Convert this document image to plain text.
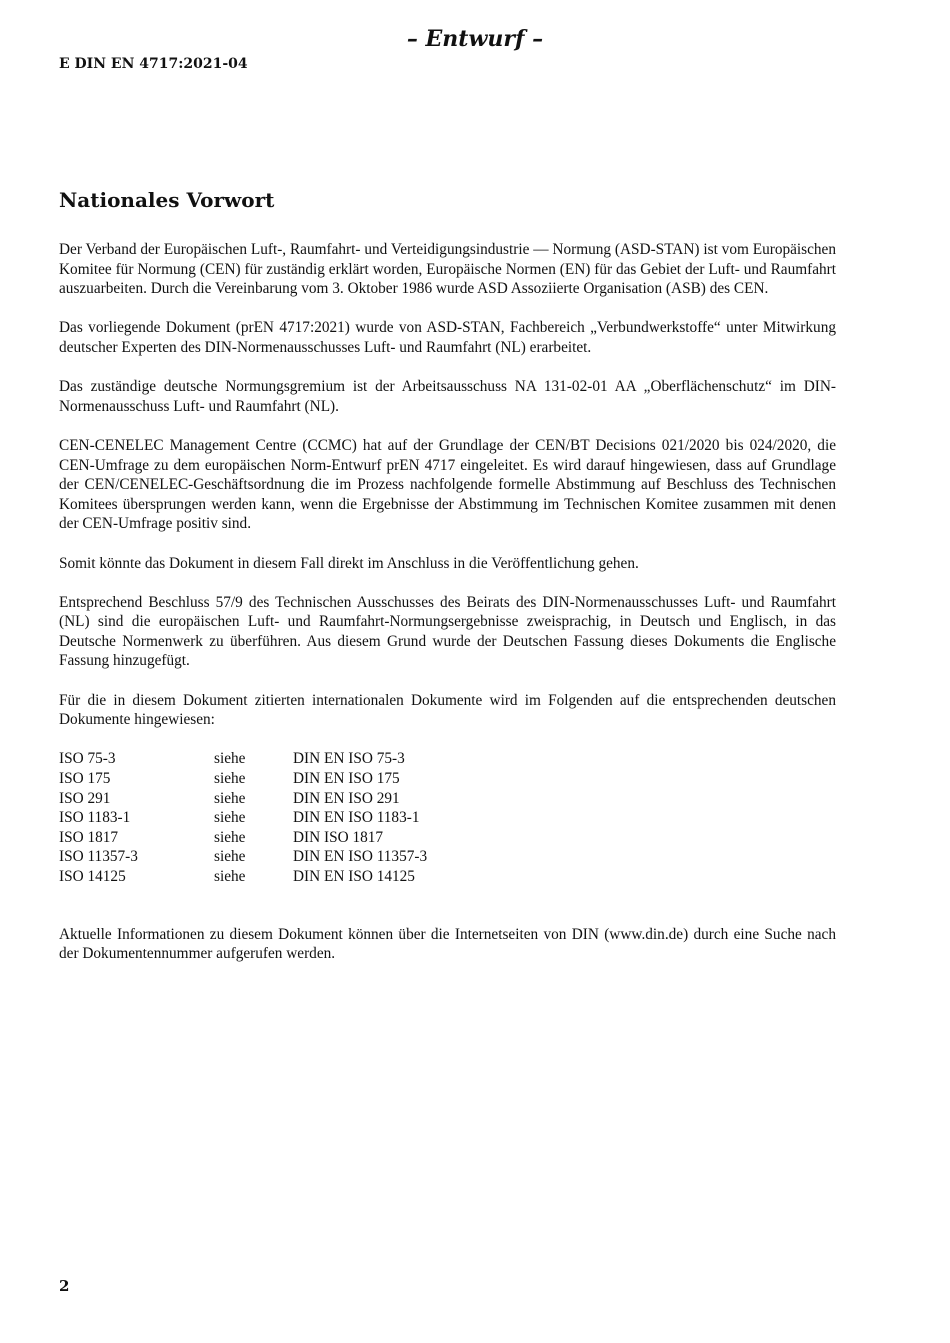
– Entwurf –
E DIN EN 4717:2021-04
Nationales Vorwort

Der Verband der Europäischen Luft-, Raumfahrt- und Verteidigungsindustrie — Normung (ASD-STAN) ist vom Europäischen Komitee für Normung (CEN) für zuständig erklärt worden, Europäische Normen (EN) für das Gebiet der Luft- und Raumfahrt auszuarbeiten. Durch die Vereinbarung vom 3. Oktober 1986 wurde ASD Assoziierte Organisation (ASB) des CEN.

Das vorliegende Dokument (prEN 4717:2021) wurde von ASD-STAN, Fachbereich „Verbundwerkstoffe“ unter Mitwirkung deutscher Experten des DIN-Normenausschusses Luft- und Raumfahrt (NL) erarbeitet.

Das zuständige deutsche Normungsgremium ist der Arbeitsausschuss NA 131-02-01 AA „Oberflächenschutz“ im DIN-Normenausschuss Luft- und Raumfahrt (NL).

CEN-CENELEC Management Centre (CCMC) hat auf der Grundlage der CEN/BT Decisions 021/2020 bis 024/2020, die CEN-Umfrage zu dem europäischen Norm-Entwurf prEN 4717 eingeleitet. Es wird darauf hingewiesen, dass auf Grundlage der CEN/CENELEC-Geschäftsordnung die im Prozess nachfolgende formelle Abstimmung auf Beschluss des Technischen Komitees übersprungen werden kann, wenn die Ergebnisse der Abstimmung im Technischen Komitee zusammen mit denen der CEN-Umfrage positiv sind.

Somit könnte das Dokument in diesem Fall direkt im Anschluss in die Veröffentlichung gehen.

Entsprechend Beschluss 57/9 des Technischen Ausschusses des Beirats des DIN-Normenausschusses Luft- und Raumfahrt (NL) sind die europäischen Luft- und Raumfahrt-Normungsergebnisse zweisprachig, in Deutsch und Englisch, in das Deutsche Normenwerk zu überführen. Aus diesem Grund wurde der Deutschen Fassung dieses Dokuments die Englische Fassung hinzugefügt.

Für die in diesem Dokument zitierten internationalen Dokumente wird im Folgenden auf die entsprechenden deutschen Dokumente hingewiesen:

ISO 75-3	siehe	DIN EN ISO 75-3
ISO 175	siehe	DIN EN ISO 175
ISO 291	siehe	DIN EN ISO 291
ISO 1183-1	siehe	DIN EN ISO 1183-1
ISO 1817	siehe	DIN ISO 1817
ISO 11357-3	siehe	DIN EN ISO 11357-3
ISO 14125	siehe	DIN EN ISO 14125

Aktuelle Informationen zu diesem Dokument können über die Internetseiten von DIN (www.din.de) durch eine Suche nach der Dokumentennummer aufgerufen werden.

2
